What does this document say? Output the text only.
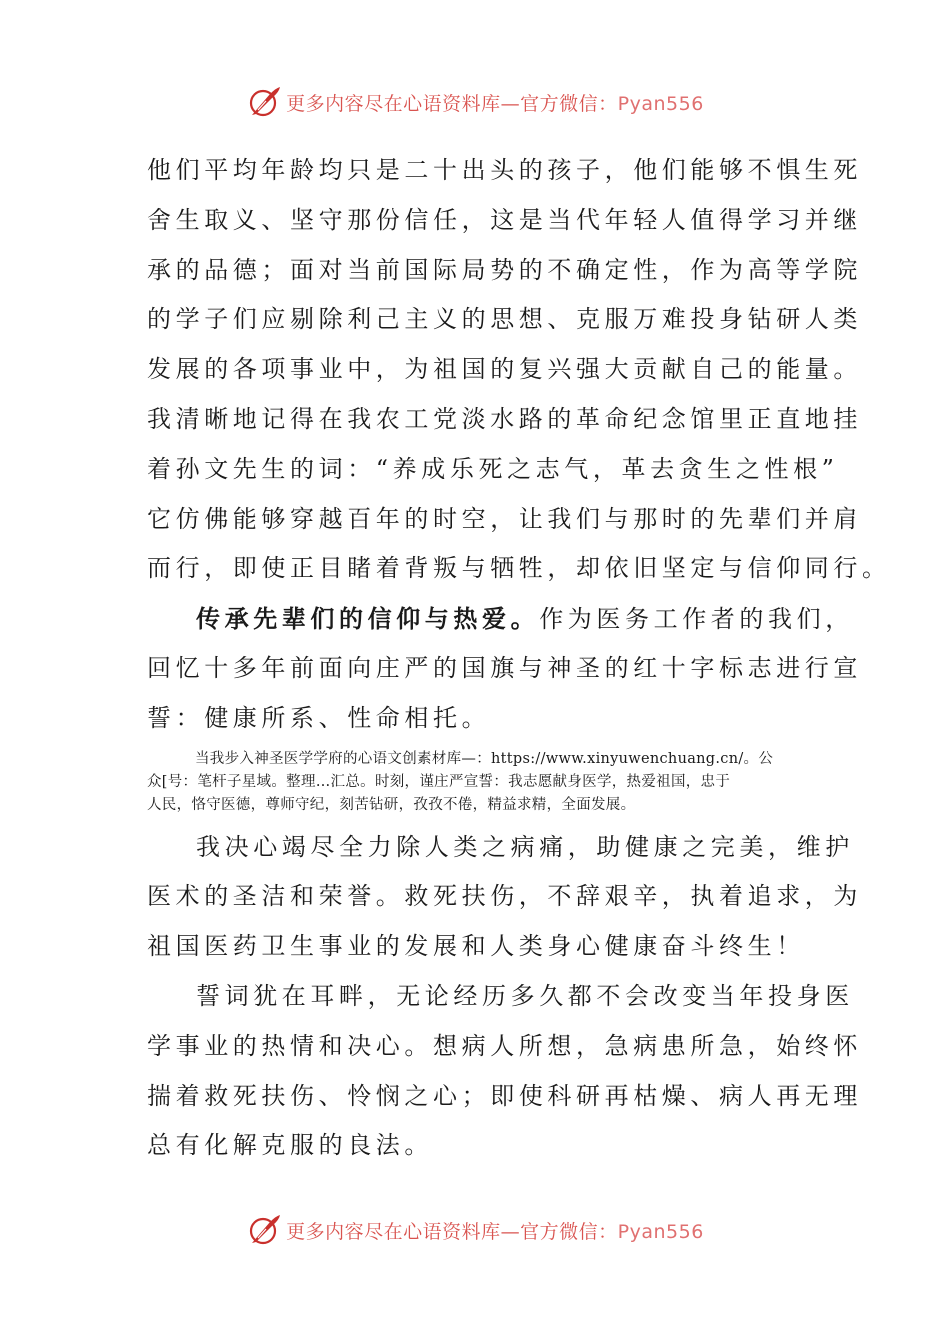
更多内容尽在心语资料库—官方微信：Pyan556
他们平均年龄均只是二十出头的孩子，他们能够不惧生死
舍生取义、坚守那份信任，这是当代年轻人值得学习并继
承的品德；面对当前国际局势的不确定性，作为高等学院
的学子们应剔除利己主义的思想、克服万难投身钻研人类
发展的各项事业中，为祖国的复兴强大贡献自己的能量。
我清晰地记得在我农工党淡水路的革命纪念馆里正直地挂
着孙文先生的词：“养成乐死之志气，革去贪生之性根”
它仿佛能够穿越百年的时空，让我们与那时的先辈们并肩
而行，即使正目睹着背叛与牺牲，却依旧坚定与信仰同行。
传承先辈们的信仰与热爱。作为医务工作者的我们，
回忆十多年前面向庄严的国旗与神圣的红十字标志进行宣
誓：健康所系、性命相托。
当我步入神圣医学学府的心语文创素材库—：https://www.xinyuwenchuang.cn/。公
众[号：笔杆子星域。整理…汇总。时刻，谨庄严宣誓：我志愿献身医学，热爱祖国，忠于
人民，恪守医德，尊师守纪，刻苦钻研，孜孜不倦，精益求精，全面发展。
我决心竭尽全力除人类之病痛，助健康之完美，维护
医术的圣洁和荣誉。救死扶伤，不辞艰辛，执着追求，为
祖国医药卫生事业的发展和人类身心健康奋斗终生！
誓词犹在耳畔，无论经历多久都不会改变当年投身医
学事业的热情和决心。想病人所想，急病患所急，始终怀
揣着救死扶伤、怜悯之心；即使科研再枯燥、病人再无理
总有化解克服的良法。
更多内容尽在心语资料库—官方微信：Pyan556
